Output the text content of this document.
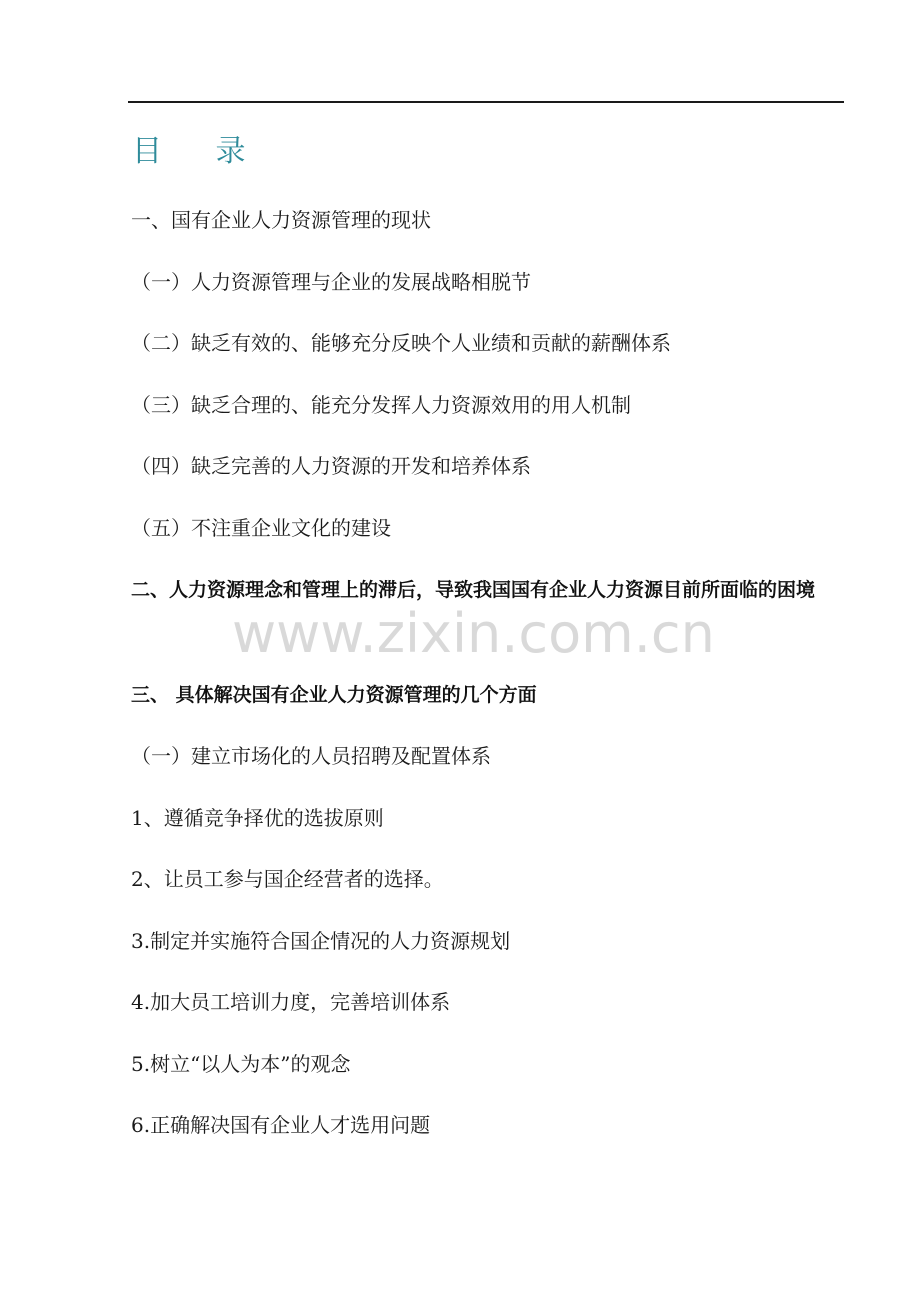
目 录
一、国有企业人力资源管理的现状
（一）人力资源管理与企业的发展战略相脱节
（二）缺乏有效的、能够充分反映个人业绩和贡献的薪酬体系
（三）缺乏合理的、能充分发挥人力资源效用的用人机制
（四）缺乏完善的人力资源的开发和培养体系
（五）不注重企业文化的建设
二、人力资源理念和管理上的滞后，导致我国国有企业人力资源目前所面临的困境
三、 具体解决国有企业人力资源管理的几个方面
（一）建立市场化的人员招聘及配置体系
1、遵循竞争择优的选拔原则
2、让员工参与国企经营者的选择。
3.制定并实施符合国企情况的人力资源规划
4.加大员工培训力度，完善培训体系
5.树立“以人为本”的观念
6.正确解决国有企业人才选用问题
www.zixin.com.cn
